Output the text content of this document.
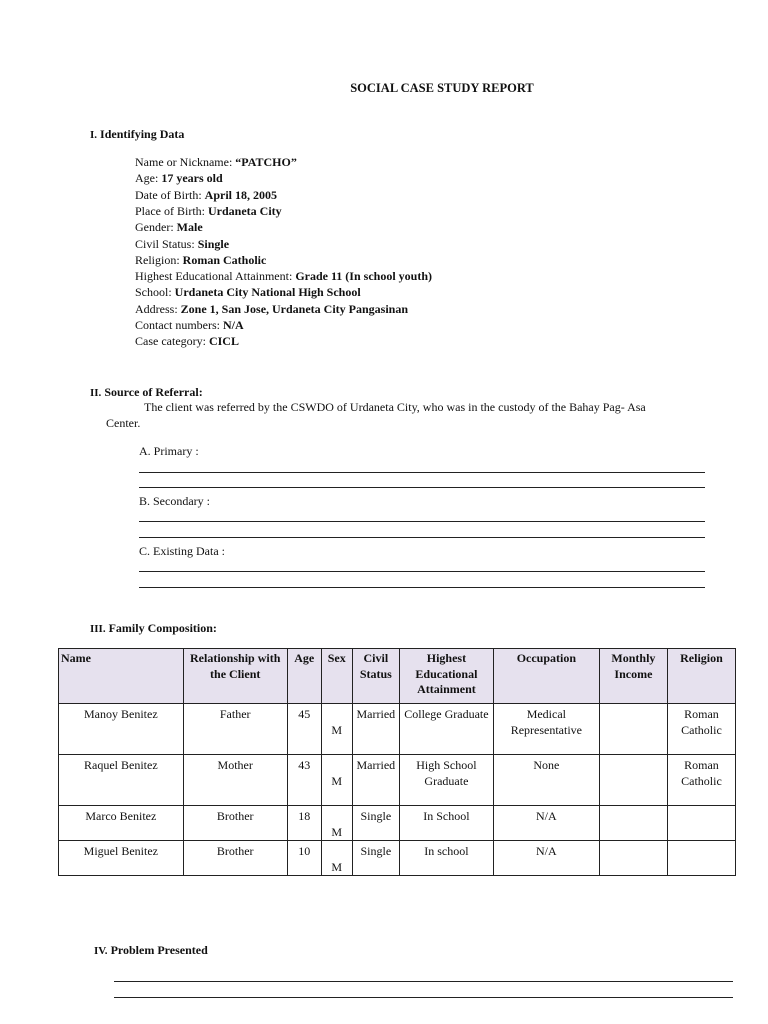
SOCIAL CASE STUDY REPORT
I. Identifying Data
Name or Nickname: “PATCHO”
Age: 17 years old
Date of Birth: April 18, 2005
Place of Birth: Urdaneta City
Gender: Male
Civil Status: Single
Religion: Roman Catholic
Highest Educational Attainment: Grade 11 (In school youth)
School: Urdaneta City National High School
Address: Zone 1, San Jose, Urdaneta City Pangasinan
Contact numbers: N/A
Case category: CICL
II. Source of Referral:
The client was referred by the CSWDO of Urdaneta City, who was in the custody of the Bahay Pag- Asa
Center.
A. Primary :
B. Secondary :
C. Existing Data :
III. Family Composition:
Name	Relationship with the Client	Age	Sex	Civil Status	Highest Educational Attainment	Occupation	Monthly Income	Religion
Manoy Benitez	Father	45	M	Married	College Graduate	Medical Representative		Roman Catholic
Raquel Benitez	Mother	43	M	Married	High School Graduate	None		Roman Catholic
Marco Benitez	Brother	18	M	Single	In School	N/A		
Miguel Benitez	Brother	10	M	Single	In school	N/A		
IV. Problem Presented
